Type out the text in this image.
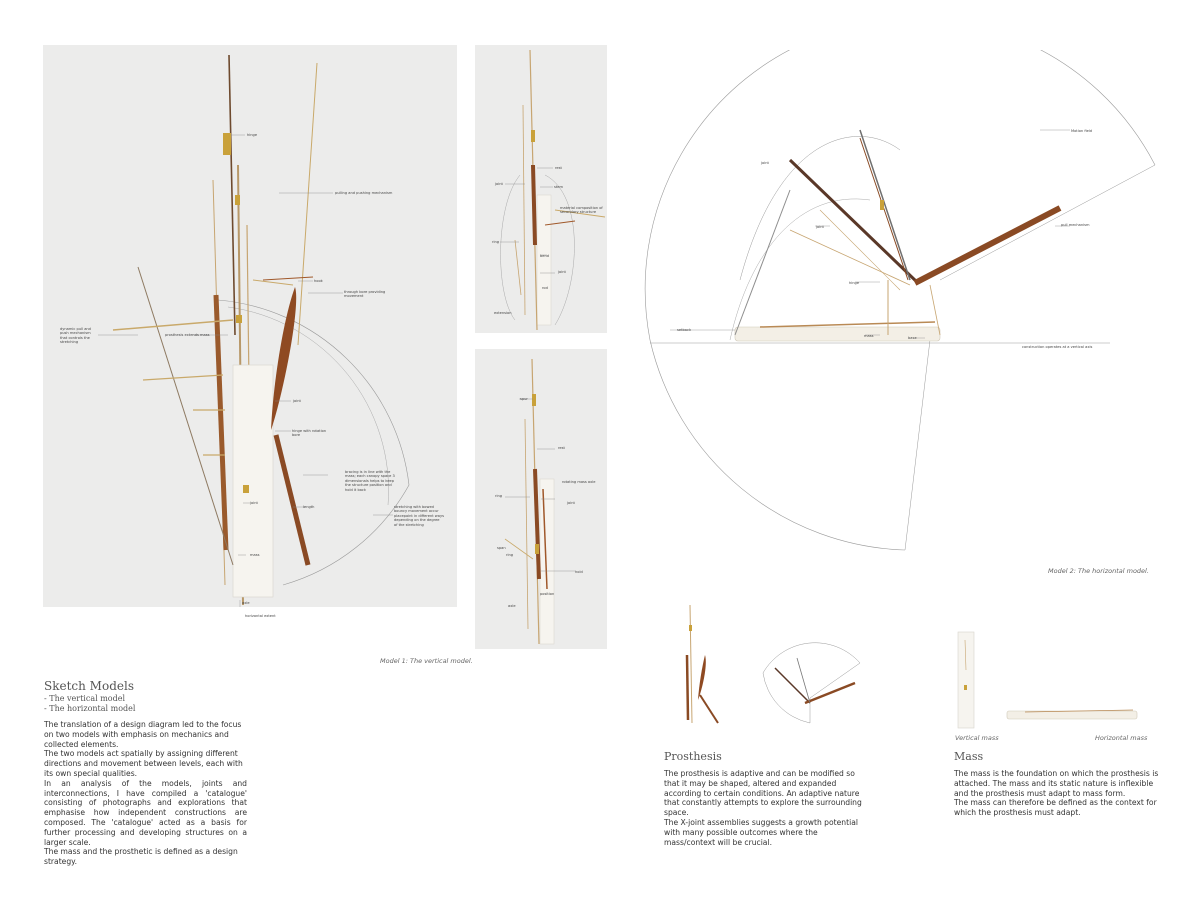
hinge
pulling and pushing mechanism
hook
through bore providing movement
prosthesis extends mass
dynamic pull and push mechanism that controls the stretching
joint
hinge with rotation bore
bracing is in line with the mass; each canopy space 3 dimensionals helps to keep the structure position and hold it back
stretching with bowed bouncy movement occur placepoint in different ways depending on the degree of the stretching
length
joint
mass
axle
horizontal extent
Model 1: The vertical model.
rest
joint
stem
material composition of secondary structure
ring
bend
joint
rod
extension
spur
rest
ring
rotating mass axle
joint
span
ring
hold
position
axle
Motion field
joint
pull mechanism
joint
hinge
setback
mass	base
construction operates at a vertical axis
Model 2: The horizontal model.
Vertical mass	Horizontal mass
Sketch Models
- The vertical model
- The horizontal model

The translation of a design diagram led to the focus on two models with emphasis on mechanics and collected elements.

The two models act spatially by assigning different directions and movement between levels, each with its own special qualities.

In an analysis of the models, joints and interconnections, I have compiled a 'catalogue' consisting of photographs and explorations that emphasise how independent constructions are composed. The 'catalogue' acted as a basis for further processing and developing structures on a larger scale.

The mass and the prosthetic is defined as a design strategy.

Prosthesis

The prosthesis is adaptive and can be modified so that it may be shaped, altered and expanded according to certain conditions. An adaptive nature that constantly attempts to explore the surrounding space.

The X-joint assemblies suggests a growth potential with many possible outcomes where the mass/context will be crucial.

Mass

The mass is the foundation on which the prosthesis is attached. The mass and its static nature is inflexible and the prosthesis must adapt to mass form.

The mass can therefore be defined as the context for which the prosthesis must adapt.
